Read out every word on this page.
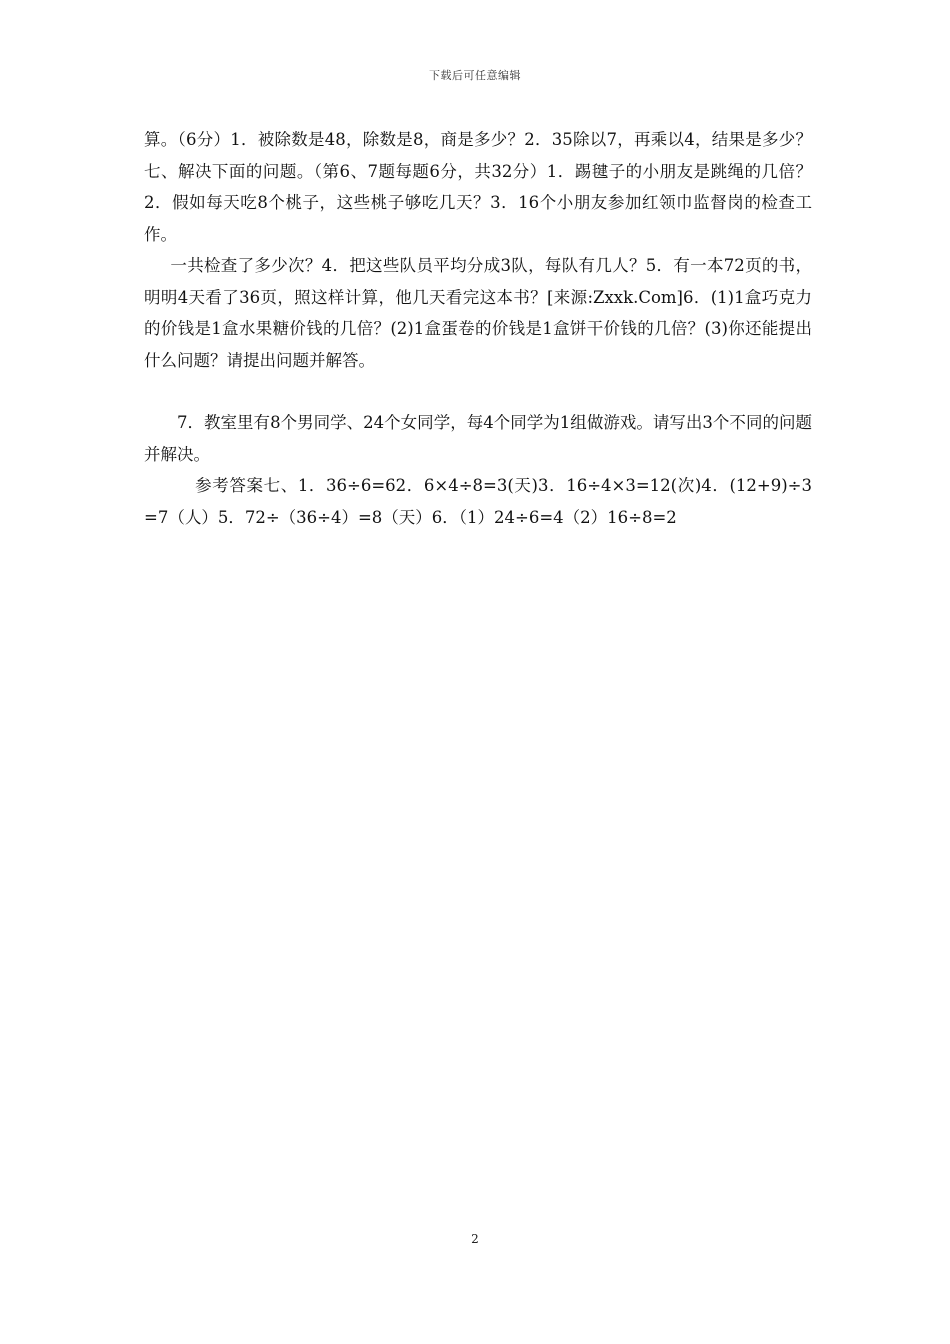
下载后可任意编辑

算。（6分）1．被除数是48，除数是8，商是多少？2．35除以7，再乘以4，结果是多少？七、解决下面的问题。（第6、7题每题6分，共32分）1．踢毽子的小朋友是跳绳的几倍？2．假如每天吃8个桃子，这些桃子够吃几天？3．16个小朋友参加红领巾监督岗的检查工作。

一共检查了多少次？4．把这些队员平均分成3队，每队有几人？5．有一本72页的书，明明4天看了36页，照这样计算，他几天看完这本书？[来源:Zxxk.Com]6．(1)1盒巧克力的价钱是1盒水果糖价钱的几倍？(2)1盒蛋卷的价钱是1盒饼干价钱的几倍？(3)你还能提出什么问题？请提出问题并解答。

7．教室里有8个男同学、24个女同学，每4个同学为1组做游戏。请写出3个不同的问题并解决。

参考答案七、1．36÷6=62．6×4÷8=3(天)3．16÷4×3=12(次)4．(12+9)÷3=7（人）5．72÷（36÷4）=8（天）6．（1）24÷6=4（2）16÷8=2

2
